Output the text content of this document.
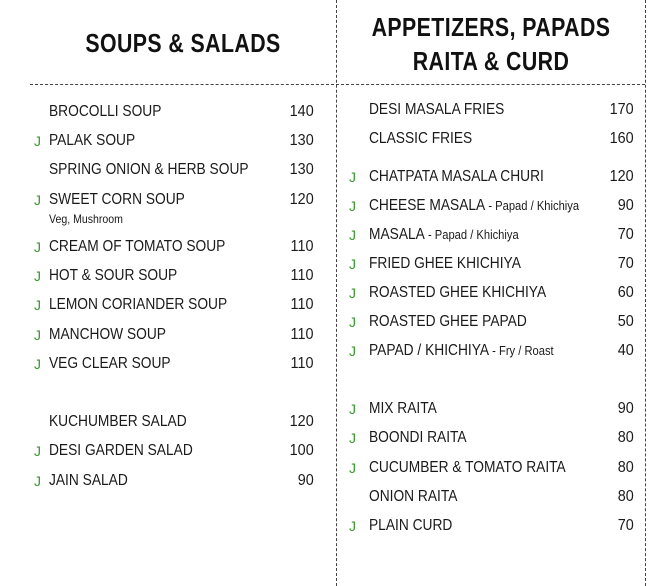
SOUPS & SALADS
APPETIZERS, PAPADS
RAITA & CURD
BROCOLLI SOUP	140
J PALAK SOUP	130
SPRING ONION & HERB SOUP	130
J SWEET CORN SOUP	120
Veg, Mushroom
J CREAM OF TOMATO SOUP	110
J HOT & SOUR SOUP	110
J LEMON CORIANDER SOUP	110
J MANCHOW SOUP	110
J VEG CLEAR SOUP	110
KUCHUMBER SALAD	120
J DESI GARDEN SALAD	100
J JAIN SALAD	90
DESI MASALA FRIES	170
CLASSIC FRIES	160
J CHATPATA MASALA CHURI	120
J CHEESE MASALA - Papad / Khichiya 90
J MASALA - Papad / Khichiya	70
J FRIED GHEE KHICHIYA	70
J ROASTED GHEE KHICHIYA	60
J ROASTED GHEE PAPAD	50
J PAPAD / KHICHIYA - Fry / Roast	40
J MIX RAITA	90
J BOONDI RAITA	80
J CUCUMBER & TOMATO RAITA	80
ONION RAITA	80
J PLAIN CURD	70
